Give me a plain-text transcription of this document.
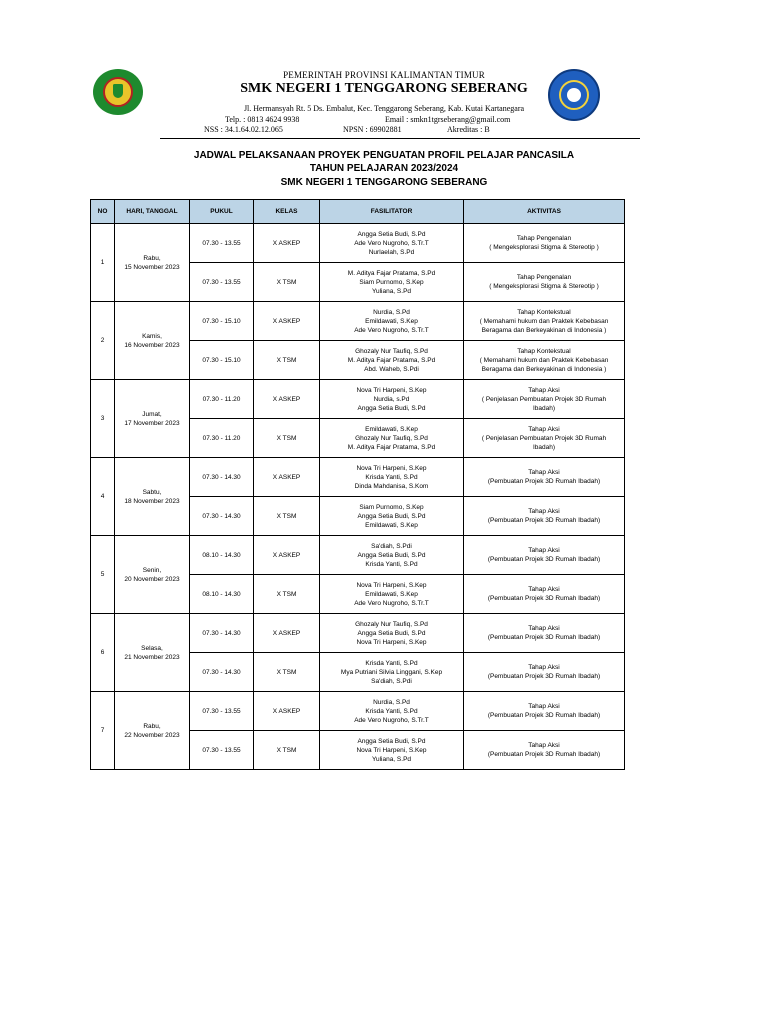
PEMERINTAH PROVINSI KALIMANTAN TIMUR
SMK NEGERI 1 TENGGARONG SEBERANG
Jl. Hermansyah Rt. 5 Ds. Embalut, Kec. Tenggarong Seberang, Kab. Kutai Kartanegara
Telp. : 0813 4624 9938	Email : smkn1tgrseberang@gmail.com
NSS : 34.1.64.02.12.065	NPSN : 69902881	Akreditas : B
JADWAL PELAKSANAAN PROYEK PENGUATAN PROFIL PELAJAR PANCASILA
TAHUN PELAJARAN 2023/2024
SMK NEGERI 1 TENGGARONG SEBERANG
NO	HARI, TANGGAL	PUKUL	KELAS	FASILITATOR	AKTIVITAS
1	Rabu,
15 November 2023	07.30 - 13.55	X ASKEP	Angga Setia Budi, S.Pd
Ade Vero Nugroho, S.Tr.T
Nurlaelah, S.Pd	Tahap Pengenalan
( Mengeksplorasi Stigma & Stereotip )

		07.30 - 13.55	X TSM	M. Aditya Fajar Pratama, S.Pd
Siam Purnomo, S.Kep
Yuliana, S.Pd	Tahap Pengenalan
( Mengeksplorasi Stigma & Stereotip )

2	Kamis,
16 November 2023	07.30 - 15.10	X ASKEP	Nurdia, S.Pd
Emildawati, S.Kep
Ade Vero Nugroho, S.Tr.T	Tahap Kontekstual
( Memahami hukum dan Praktek Kebebasan
Beragama dan Berkeyakinan di Indonesia )

		07.30 - 15.10	X TSM	Ghozaly Nur Taufiq, S.Pd
M. Aditya Fajar Pratama, S.Pd
Abd. Waheb, S.Pdi	Tahap Kontekstual
( Memahami hukum dan Praktek Kebebasan
Beragama dan Berkeyakinan di Indonesia )

3	Jumat,
17 November 2023	07.30 - 11.20	X ASKEP	Nova Tri Harpeni, S.Kep
Nurdia, s.Pd
Angga Setia Budi, S.Pd	Tahap Aksi
( Penjelasan Pembuatan Projek 3D Rumah
Ibadah)

		07.30 - 11.20	X TSM	Emildawati, S.Kep
Ghozaly Nur Taufiq, S.Pd
M. Aditya Fajar Pratama, S.Pd	Tahap Aksi
( Penjelasan Pembuatan Projek 3D Rumah
Ibadah)

4	Sabtu,
18 November 2023	07.30 - 14.30	X ASKEP	Nova Tri Harpeni, S.Kep
Krisda Yanti, S.Pd
Dinda Mahdanisa, S.Kom	Tahap Aksi
(Pembuatan Projek 3D Rumah Ibadah)

		07.30 - 14.30	X TSM	Siam Purnomo, S.Kep
Angga Setia Budi, S.Pd
Emildawati, S.Kep	Tahap Aksi
(Pembuatan Projek 3D Rumah Ibadah)

5	Senin,
20 November 2023	08.10 - 14.30	X ASKEP	Sa'diah, S.Pdi
Angga Setia Budi, S.Pd
Krisda Yanti, S.Pd	Tahap Aksi
(Pembuatan Projek 3D Rumah Ibadah)

		08.10 - 14.30	X TSM	Nova Tri Harpeni, S.Kep
Emildawati, S.Kep
Ade Vero Nugroho, S.Tr.T	Tahap Aksi
(Pembuatan Projek 3D Rumah Ibadah)

6	Selasa,
21 November 2023	07.30 - 14.30	X ASKEP	Ghozaly Nur Taufiq, S.Pd
Angga Setia Budi, S.Pd
Nova Tri Harpeni, S.Kep	Tahap Aksi
(Pembuatan Projek 3D Rumah Ibadah)

		07.30 - 14.30	X TSM	Krisda Yanti, S.Pd
Mya Putriani Silvia Linggani, S.Kep
Sa'diah, S.Pdi	Tahap Aksi
(Pembuatan Projek 3D Rumah Ibadah)

7	Rabu,
22 November 2023	07.30 - 13.55	X ASKEP	Nurdia, S.Pd
Krisda Yanti, S.Pd
Ade Vero Nugroho, S.Tr.T	Tahap Aksi
(Pembuatan Projek 3D Rumah Ibadah)

		07.30 - 13.55	X TSM	Angga Setia Budi, S.Pd
Nova Tri Harpeni, S.Kep
Yuliana, S.Pd	Tahap Aksi
(Pembuatan Projek 3D Rumah Ibadah)
